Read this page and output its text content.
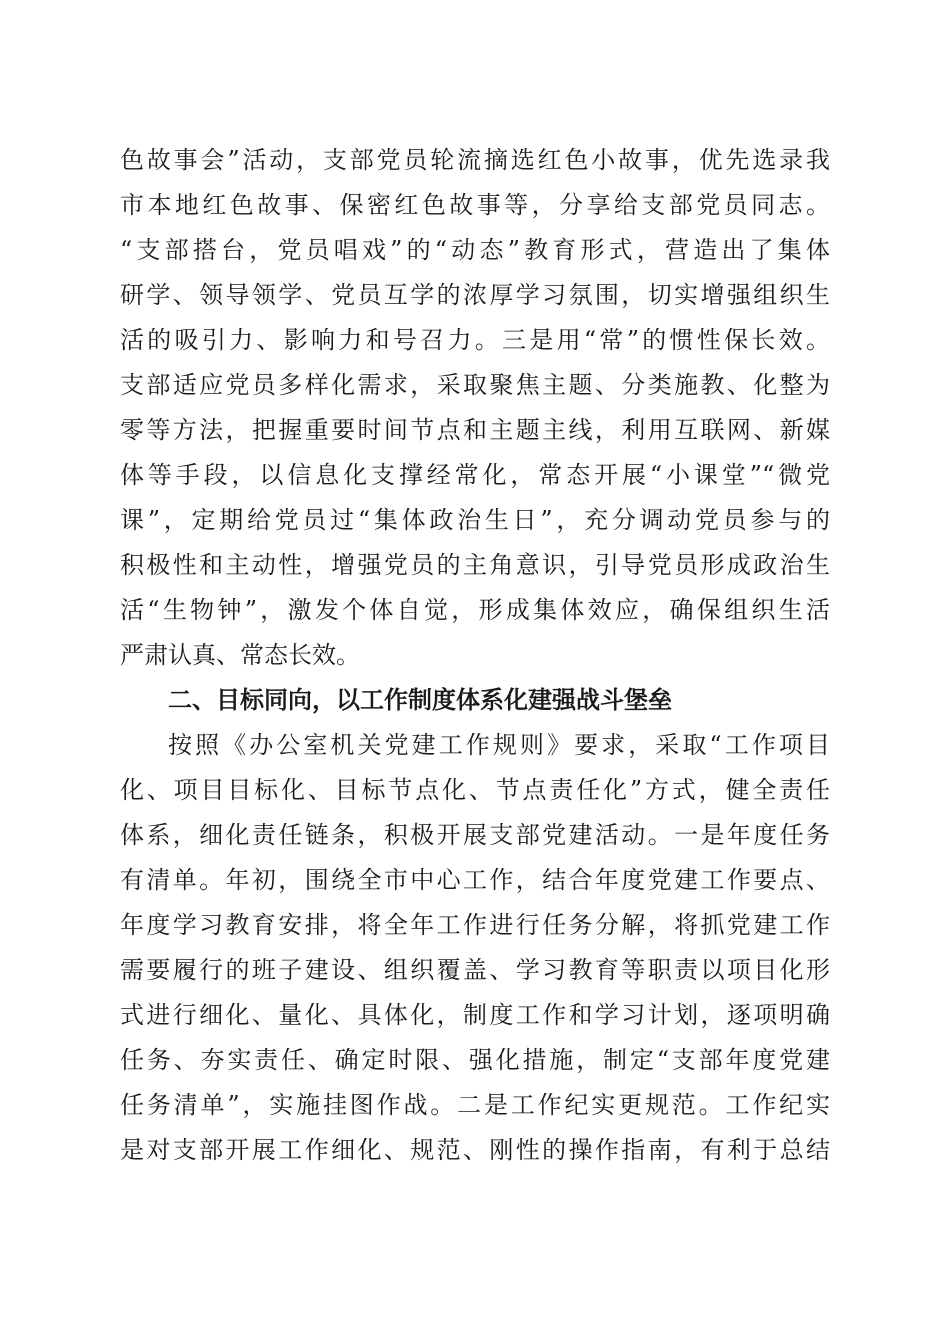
色故事会”活动，支部党员轮流摘选红色小故事，优先选录我
市本地红色故事、保密红色故事等，分享给支部党员同志。
“支部搭台，党员唱戏”的“动态”教育形式，营造出了集体
研学、领导领学、党员互学的浓厚学习氛围，切实增强组织生
活的吸引力、影响力和号召力。三是用“常”的惯性保长效。
支部适应党员多样化需求，采取聚焦主题、分类施教、化整为
零等方法，把握重要时间节点和主题主线，利用互联网、新媒
体等手段，以信息化支撑经常化，常态开展“小课堂”“微党
课”，定期给党员过“集体政治生日”，充分调动党员参与的
积极性和主动性，增强党员的主角意识，引导党员形成政治生
活“生物钟”，激发个体自觉，形成集体效应，确保组织生活
严肃认真、常态长效。
二、目标同向，以工作制度体系化建强战斗堡垒
按照《办公室机关党建工作规则》要求，采取“工作项目
化、项目目标化、目标节点化、节点责任化”方式，健全责任
体系，细化责任链条，积极开展支部党建活动。一是年度任务
有清单。年初，围绕全市中心工作，结合年度党建工作要点、
年度学习教育安排，将全年工作进行任务分解，将抓党建工作
需要履行的班子建设、组织覆盖、学习教育等职责以项目化形
式进行细化、量化、具体化，制度工作和学习计划，逐项明确
任务、夯实责任、确定时限、强化措施，制定“支部年度党建
任务清单”，实施挂图作战。二是工作纪实更规范。工作纪实
是对支部开展工作细化、规范、刚性的操作指南，有利于总结
